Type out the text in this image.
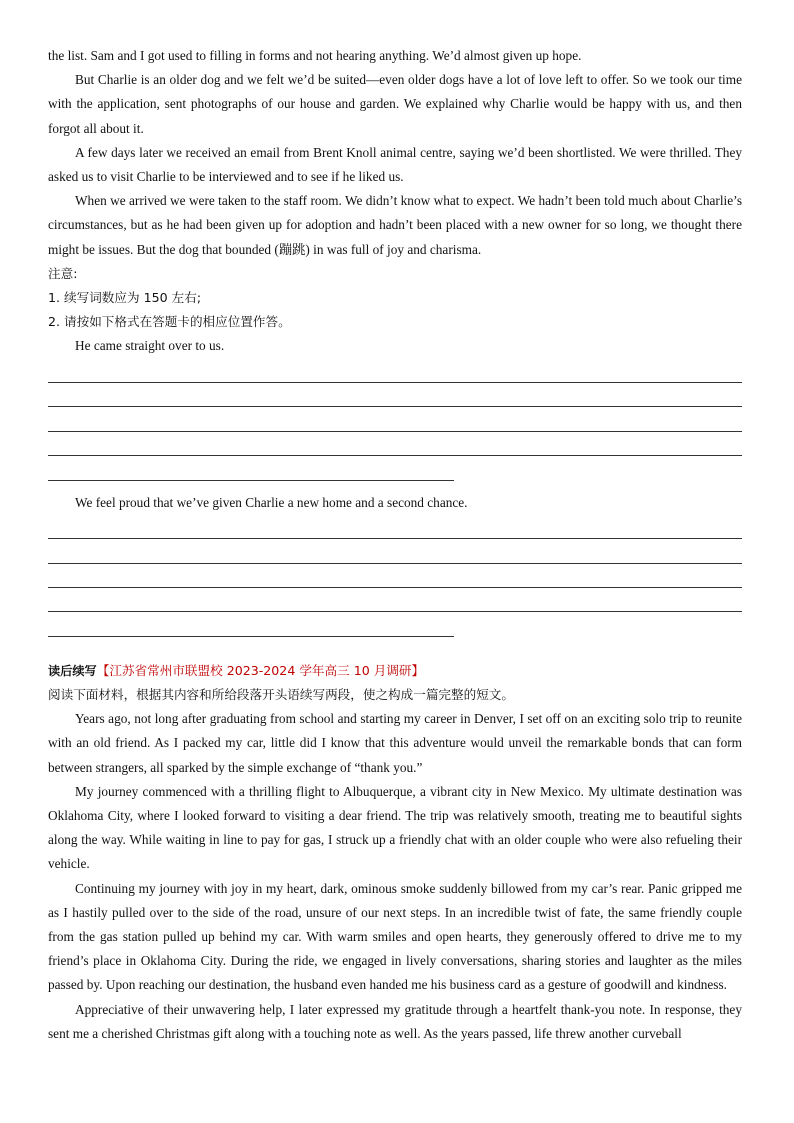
the list. Sam and I got used to filling in forms and not hearing anything. We’d almost given up hope.

But Charlie is an older dog and we felt we’d be suited—even older dogs have a lot of love left to offer. So we took our time with the application, sent photographs of our house and garden. We explained why Charlie would be happy with us, and then forgot all about it.

A few days later we received an email from Brent Knoll animal centre, saying we’d been shortlisted. We were thrilled. They asked us to visit Charlie to be interviewed and to see if he liked us.

When we arrived we were taken to the staff room. We didn’t know what to expect. We hadn’t been told much about Charlie’s circumstances, but as he had been given up for adoption and hadn’t been placed with a new owner for so long, we thought there might be issues. But the dog that bounded (蹦跳) in was full of joy and charisma.

注意:

1. 续写词数应为 150 左右;

2. 请按如下格式在答题卡的相应位置作答。

He came straight over to us.

We feel proud that we’ve given Charlie a new home and a second chance.

读后续写【江苏省常州市联盟校 2023-2024 学年高三 10 月调研】

阅读下面材料，根据其内容和所给段落开头语续写两段，使之构成一篇完整的短文。

Years ago, not long after graduating from school and starting my career in Denver, I set off on an exciting solo trip to reunite with an old friend. As I packed my car, little did I know that this adventure would unveil the remarkable bonds that can form between strangers, all sparked by the simple exchange of “thank you.”

My journey commenced with a thrilling flight to Albuquerque, a vibrant city in New Mexico. My ultimate destination was Oklahoma City, where I looked forward to visiting a dear friend. The trip was relatively smooth, treating me to beautiful sights along the way. While waiting in line to pay for gas, I struck up a friendly chat with an older couple who were also refueling their vehicle.

Continuing my journey with joy in my heart, dark, ominous smoke suddenly billowed from my car’s rear. Panic gripped me as I hastily pulled over to the side of the road, unsure of our next steps. In an incredible twist of fate, the same friendly couple from the gas station pulled up behind my car. With warm smiles and open hearts, they generously offered to drive me to my friend’s place in Oklahoma City. During the ride, we engaged in lively conversations, sharing stories and laughter as the miles passed by. Upon reaching our destination, the husband even handed me his business card as a gesture of goodwill and kindness.

Appreciative of their unwavering help, I later expressed my gratitude through a heartfelt thank-you note. In response, they sent me a cherished Christmas gift along with a touching note as well. As the years passed, life threw another curveball
